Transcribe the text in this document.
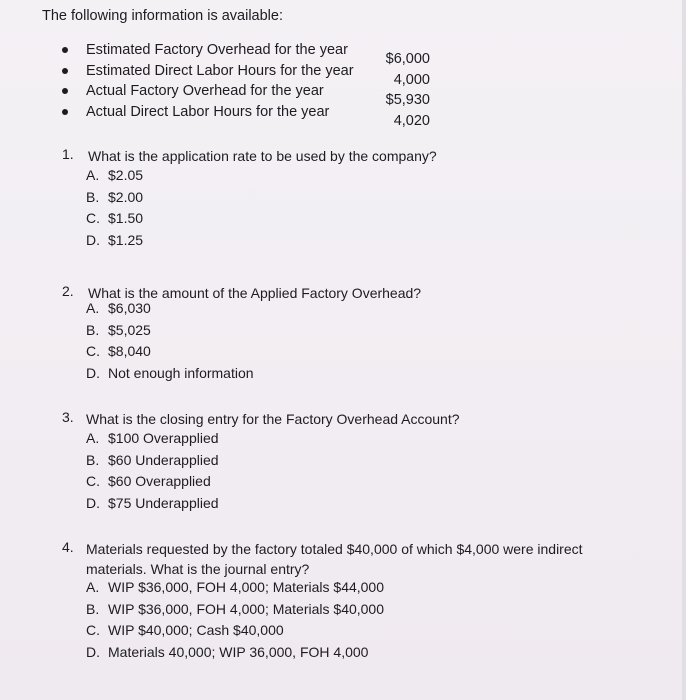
The following information is available:
Estimated Factory Overhead for the year
$6,000
Estimated Direct Labor Hours for the year
4,000
Actual Factory Overhead for the year
$5,930
Actual Direct Labor Hours for the year
4,020
1. What is the application rate to be used by the company?
A. $2.05
B. $2.00
C. $1.50
D. $1.25
2. What is the amount of the Applied Factory Overhead?
A. $6,030
B. $5,025
C. $8,040
D. Not enough information
3. What is the closing entry for the Factory Overhead Account?
A. $100 Overapplied
B. $60 Underapplied
C. $60 Overapplied
D. $75 Underapplied
4. Materials requested by the factory totaled $40,000 of which $4,000 were indirect
materials. What is the journal entry?
A. WIP $36,000, FOH 4,000; Materials $44,000
B. WIP $36,000, FOH 4,000; Materials $40,000
C. WIP $40,000; Cash $40,000
D. Materials 40,000; WIP 36,000, FOH 4,000
